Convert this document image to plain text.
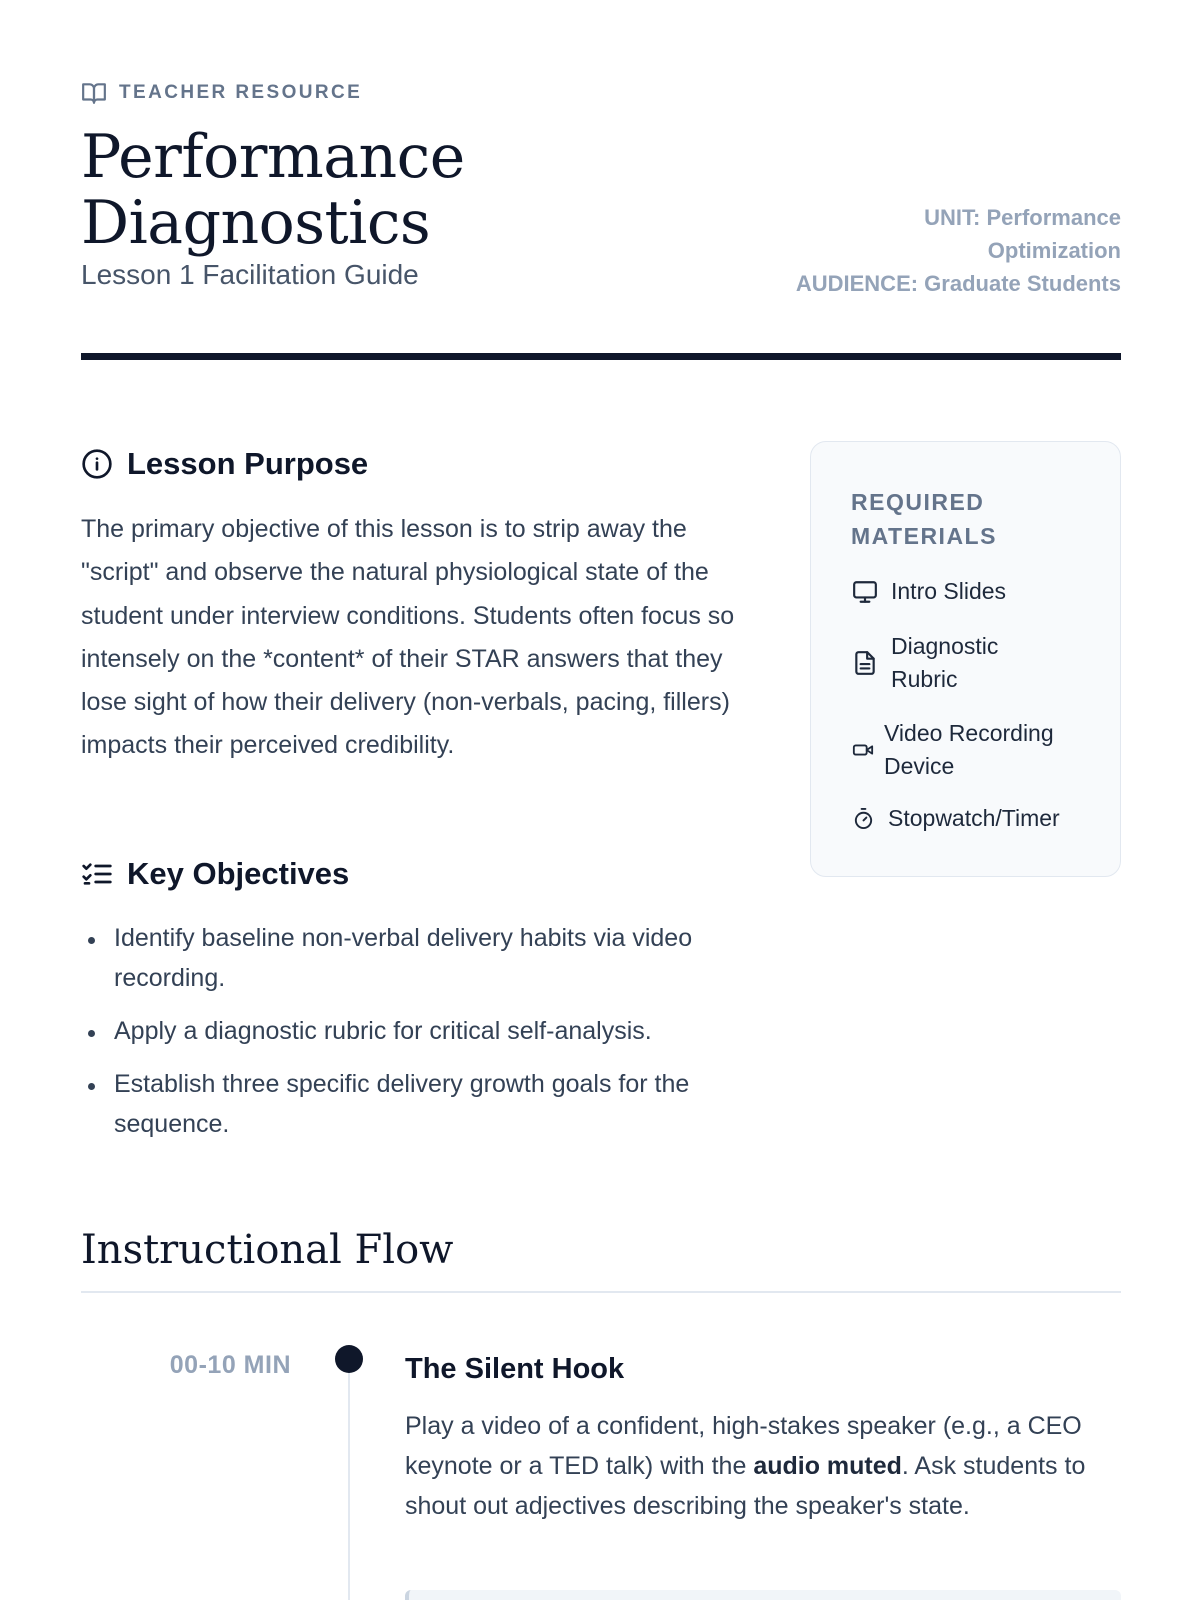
TEACHER RESOURCE
Performance
Diagnostics
Lesson 1 Facilitation Guide
UNIT: Performance
Optimization
AUDIENCE: Graduate Students
Lesson Purpose

The primary objective of this lesson is to strip away the "script" and observe the natural physiological state of the student under interview conditions. Students often focus so intensely on the *content* of their STAR answers that they lose sight of how their delivery (non-verbals, pacing, fillers) impacts their perceived credibility.

Key Objectives
Identify baseline non-verbal delivery habits via video recording.
Apply a diagnostic rubric for critical self-analysis.
Establish three specific delivery growth goals for the sequence.
REQUIRED MATERIALS
Intro Slides
Diagnostic Rubric
Video Recording Device
Stopwatch/Timer
Instructional Flow
00-10 MIN	The Silent Hook

Play a video of a confident, high-stakes speaker (e.g., a CEO keynote or a TED talk) with the audio muted. Ask students to shout out adjectives describing the speaker's state.
